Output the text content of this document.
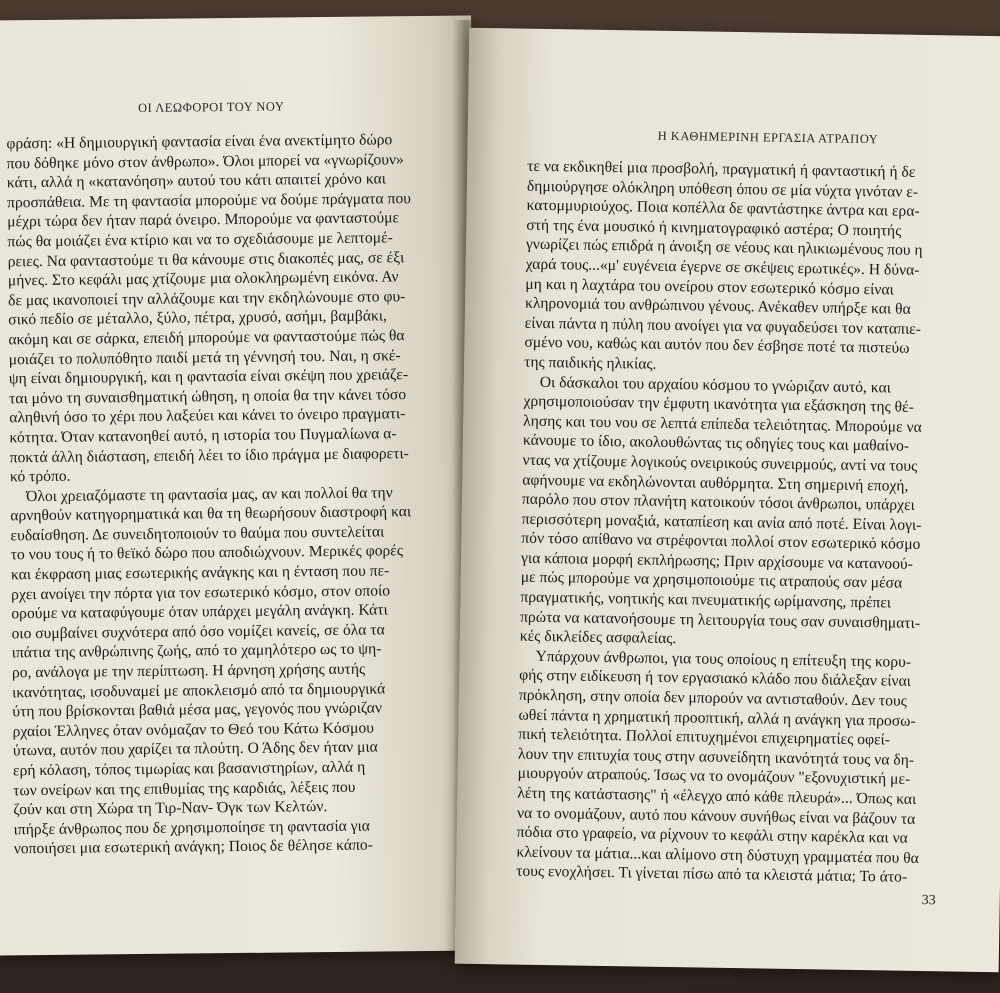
ΟΙ ΛΕΩΦΟΡΟΙ ΤΟΥ ΝΟΥ
φράση: «Η δημιουργική φαντασία είναι ένα ανεκτίμητο δώρο
που δόθηκε μόνο στον άνθρωπο». Όλοι μπορεί να «γνωρίζουν»
κάτι, αλλά η «κατανόηση» αυτού του κάτι απαιτεί χρόνο και
προσπάθεια. Με τη φαντασία μπορούμε να δούμε πράγματα που
μέχρι τώρα δεν ήταν παρά όνειρο. Μπορούμε να φανταστούμε
πώς θα μοιάζει ένα κτίριο και να το σχεδιάσουμε με λεπτομέ-
ρειες. Να φανταστούμε τι θα κάνουμε στις διακοπές μας, σε έξι
μήνες. Στο κεφάλι μας χτίζουμε μια ολοκληρωμένη εικόνα. Αν
δε μας ικανοποιεί την αλλάζουμε και την εκδηλώνουμε στο φυ-
σικό πεδίο σε μέταλλο, ξύλο, πέτρα, χρυσό, ασήμι, βαμβάκι,
ακόμη και σε σάρκα, επειδή μπορούμε να φανταστούμε πώς θα
μοιάζει το πολυπόθητο παιδί μετά τη γέννησή του. Ναι, η σκέ-
ψη είναι δημιουργική, και η φαντασία είναι σκέψη που χρειάζε-
ται μόνο τη συναισθηματική ώθηση, η οποία θα την κάνει τόσο
αληθινή όσο το χέρι που λαξεύει και κάνει το όνειρο πραγματι-
κότητα. Όταν κατανοηθεί αυτό, η ιστορία του Πυγμαλίωνα α-
ποκτά άλλη διάσταση, επειδή λέει το ίδιο πράγμα με διαφορετι-
κό τρόπο.
Όλοι χρειαζόμαστε τη φαντασία μας, αν και πολλοί θα την
αρνηθούν κατηγορηματικά και θα τη θεωρήσουν διαστροφή και
ευδαίσθηση. Δε συνειδητοποιούν το θαύμα που συντελείται
το νου τους ή το θεϊκό δώρο που αποδιώχνουν. Μερικές φορές
και έκφραση μιας εσωτερικής ανάγκης και η ένταση που πε-
ρχει ανοίγει την πόρτα για τον εσωτερικό κόσμο, στον οποίο
ορούμε να καταφύγουμε όταν υπάρχει μεγάλη ανάγκη. Κάτι
οιο συμβαίνει συχνότερα από όσο νομίζει κανείς, σε όλα τα
ιπάτια της ανθρώπινης ζωής, από το χαμηλότερο ως το ψη-
ρο, ανάλογα με την περίπτωση. Η άρνηση χρήσης αυτής
ικανότητας, ισοδυναμεί με αποκλεισμό από τα δημιουργικά
ύτη που βρίσκονται βαθιά μέσα μας, γεγονός που γνώριζαν
ρχαίοι Έλληνες όταν ονόμαζαν το Θεό του Κάτω Κόσμου
ύτωνα, αυτόν που χαρίζει τα πλούτη. Ο Άδης δεν ήταν μια
ερή κόλαση, τόπος τιμωρίας και βασανιστηρίων, αλλά η
των ονείρων και της επιθυμίας της καρδιάς, λέξεις που
ζούν και στη Χώρα τη Τιρ-Ναν- Όγκ των Κελτών.
ιπήρξε άνθρωπος που δε χρησιμοποίησε τη φαντασία για
νοποιήσει μια εσωτερική ανάγκη; Ποιος δε θέλησε κάπο-
Η ΚΑΘΗΜΕΡΙΝΗ ΕΡΓΑΣΙΑ ΑΤΡΑΠΟΥ
τε να εκδικηθεί μια προσβολή, πραγματική ή φανταστική ή δε
δημιούργησε ολόκληρη υπόθεση όπου σε μία νύχτα γινόταν ε-
κατομμυριούχος. Ποια κοπέλλα δε φαντάστηκε άντρα και ερα-
στή της ένα μουσικό ή κινηματογραφικό αστέρα; Ο ποιητής
γνωρίζει πώς επιδρά η άνοιξη σε νέους και ηλικιωμένους που η
χαρά τους...«μ' ευγένεια έγερνε σε σκέψεις ερωτικές». Η δύνα-
μη και η λαχτάρα του ονείρου στον εσωτερικό κόσμο είναι
κληρονομιά του ανθρώπινου γένους. Ανέκαθεν υπήρξε και θα
είναι πάντα η πύλη που ανοίγει για να φυγαδεύσει τον καταπιε-
σμένο νου, καθώς και αυτόν που δεν έσβησε ποτέ τα πιστεύω
της παιδικής ηλικίας.
Οι δάσκαλοι του αρχαίου κόσμου το γνώριζαν αυτό, και
χρησιμοποιούσαν την έμφυτη ικανότητα για εξάσκηση της θέ-
λησης και του νου σε λεπτά επίπεδα τελειότητας. Μπορούμε να
κάνουμε το ίδιο, ακολουθώντας τις οδηγίες τους και μαθαίνο-
ντας να χτίζουμε λογικούς ονειρικούς συνειρμούς, αντί να τους
αφήνουμε να εκδηλώνονται αυθόρμητα. Στη σημερινή εποχή,
παρόλο που στον πλανήτη κατοικούν τόσοι άνθρωποι, υπάρχει
περισσότερη μοναξιά, καταπίεση και ανία από ποτέ. Είναι λογι-
πόν τόσο απίθανο να στρέφονται πολλοί στον εσωτερικό κόσμο
για κάποια μορφή εκπλήρωσης; Πριν αρχίσουμε να κατανοού-
με πώς μπορούμε να χρησιμοποιούμε τις ατραπούς σαν μέσα
πραγματικής, νοητικής και πνευματικής ωρίμανσης, πρέπει
πρώτα να κατανοήσουμε τη λειτουργία τους σαν συναισθηματι-
κές δικλείδες ασφαλείας.
Υπάρχουν άνθρωποι, για τους οποίους η επίτευξη της κορυ-
φής στην ειδίκευση ή τον εργασιακό κλάδο που διάλεξαν είναι
πρόκληση, στην οποία δεν μπορούν να αντισταθούν. Δεν τους
ωθεί πάντα η χρηματική προοπτική, αλλά η ανάγκη για προσω-
πική τελειότητα. Πολλοί επιτυχημένοι επιχειρηματίες οφεί-
λουν την επιτυχία τους στην ασυνείδητη ικανότητά τους να δη-
μιουργούν ατραπούς. Ίσως να το ονομάζουν "εξονυχιστική με-
λέτη της κατάστασης" ή «έλεγχο από κάθε πλευρά»... Όπως και
να το ονομάζουν, αυτό που κάνουν συνήθως είναι να βάζουν τα
πόδια στο γραφείο, να ρίχνουν το κεφάλι στην καρέκλα και να
κλείνουν τα μάτια...και αλίμονο στη δύστυχη γραμματέα που θα
τους ενοχλήσει. Τι γίνεται πίσω από τα κλειστά μάτια; Το άτο-
33
